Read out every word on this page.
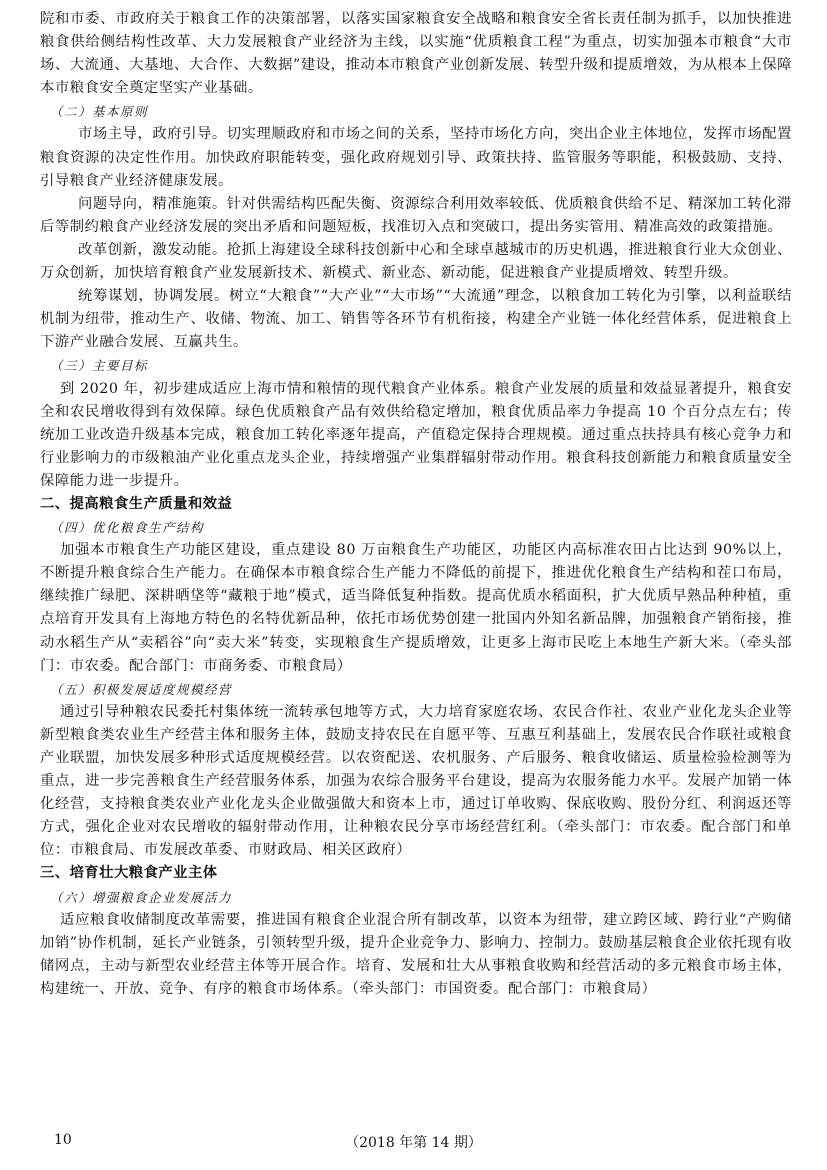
院和市委、市政府关于粮食工作的决策部署，以落实国家粮食安全战略和粮食安全省长责任制为抓手，以加快推进粮食供给侧结构性改革、大力发展粮食产业经济为主线，以实施“优质粮食工程”为重点，切实加强本市粮食“大市场、大流通、大基地、大合作、大数据”建设，推动本市粮食产业创新发展、转型升级和提质增效，为从根本上保障本市粮食安全奠定坚实产业基础。

（二）基本原则

市场主导，政府引导。切实理顺政府和市场之间的关系，坚持市场化方向，突出企业主体地位，发挥市场配置粮食资源的决定性作用。加快政府职能转变，强化政府规划引导、政策扶持、监管服务等职能，积极鼓励、支持、引导粮食产业经济健康发展。

问题导向，精准施策。针对供需结构匹配失衡、资源综合利用效率较低、优质粮食供给不足、精深加工转化滞后等制约粮食产业经济发展的突出矛盾和问题短板，找准切入点和突破口，提出务实管用、精准高效的政策措施。

改革创新，激发动能。抢抓上海建设全球科技创新中心和全球卓越城市的历史机遇，推进粮食行业大众创业、万众创新，加快培育粮食产业发展新技术、新模式、新业态、新动能，促进粮食产业提质增效、转型升级。

统筹谋划，协调发展。树立“大粮食”“大产业”“大市场”“大流通”理念，以粮食加工转化为引擎，以利益联结机制为纽带，推动生产、收储、物流、加工、销售等各环节有机衔接，构建全产业链一体化经营体系，促进粮食上下游产业融合发展、互赢共生。

（三）主要目标

到 2020 年，初步建成适应上海市情和粮情的现代粮食产业体系。粮食产业发展的质量和效益显著提升，粮食安全和农民增收得到有效保障。绿色优质粮食产品有效供给稳定增加，粮食优质品率力争提高 10 个百分点左右；传统加工业改造升级基本完成，粮食加工转化率逐年提高，产值稳定保持合理规模。通过重点扶持具有核心竞争力和行业影响力的市级粮油产业化重点龙头企业，持续增强产业集群辐射带动作用。粮食科技创新能力和粮食质量安全保障能力进一步提升。

二、提高粮食生产质量和效益

（四）优化粮食生产结构

加强本市粮食生产功能区建设，重点建设 80 万亩粮食生产功能区，功能区内高标准农田占比达到 90%以上，不断提升粮食综合生产能力。在确保本市粮食综合生产能力不降低的前提下，推进优化粮食生产结构和茬口布局，继续推广绿肥、深耕晒垡等“藏粮于地”模式，适当降低复种指数。提高优质水稻面积，扩大优质早熟品种种植，重点培育开发具有上海地方特色的名特优新品种，依托市场优势创建一批国内外知名新品牌，加强粮食产销衔接，推动水稻生产从“卖稻谷”向“卖大米”转变，实现粮食生产提质增效，让更多上海市民吃上本地生产新大米。（牵头部门：市农委。配合部门：市商务委、市粮食局）

（五）积极发展适度规模经营

通过引导种粮农民委托村集体统一流转承包地等方式，大力培育家庭农场、农民合作社、农业产业化龙头企业等新型粮食类农业生产经营主体和服务主体，鼓励支持农民在自愿平等、互惠互利基础上，发展农民合作联社或粮食产业联盟，加快发展多种形式适度规模经营。以农资配送、农机服务、产后服务、粮食收储运、质量检验检测等为重点，进一步完善粮食生产经营服务体系，加强为农综合服务平台建设，提高为农服务能力水平。发展产加销一体化经营，支持粮食类农业产业化龙头企业做强做大和资本上市，通过订单收购、保底收购、股份分红、利润返还等方式，强化企业对农民增收的辐射带动作用，让种粮农民分享市场经营红利。（牵头部门：市农委。配合部门和单位：市粮食局、市发展改革委、市财政局、相关区政府）

三、培育壮大粮食产业主体

（六）增强粮食企业发展活力

适应粮食收储制度改革需要，推进国有粮食企业混合所有制改革，以资本为纽带，建立跨区域、跨行业“产购储加销”协作机制，延长产业链条，引领转型升级，提升企业竞争力、影响力、控制力。鼓励基层粮食企业依托现有收储网点，主动与新型农业经营主体等开展合作。培育、发展和壮大从事粮食收购和经营活动的多元粮食市场主体，构建统一、开放、竞争、有序的粮食市场体系。（牵头部门：市国资委。配合部门：市粮食局）

10	（2018 年第 14 期）
